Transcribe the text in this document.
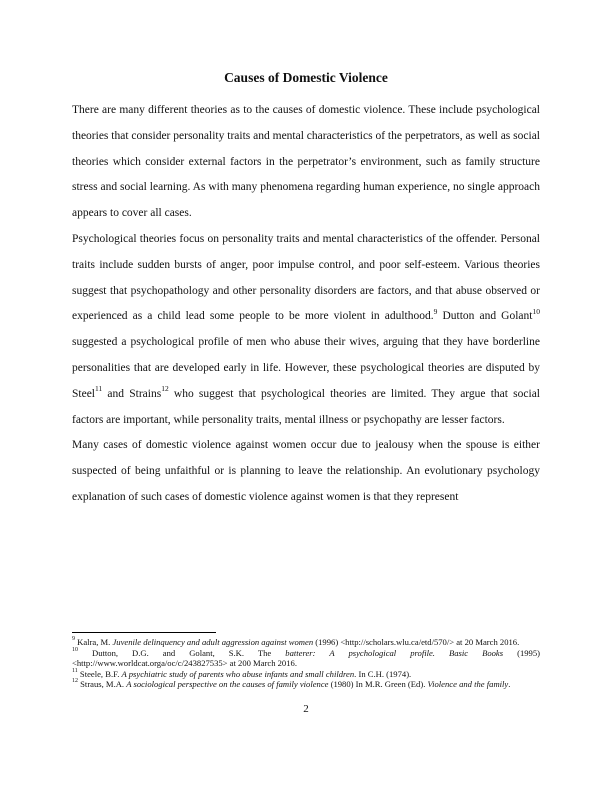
Causes of Domestic Violence

There are many different theories as to the causes of domestic violence. These include psychological theories that consider personality traits and mental characteristics of the perpetrators, as well as social theories which consider external factors in the perpetrator’s environment, such as family structure stress and social learning. As with many phenomena regarding human experience, no single approach appears to cover all cases.

Psychological theories focus on personality traits and mental characteristics of the offender. Personal traits include sudden bursts of anger, poor impulse control, and poor self-esteem. Various theories suggest that psychopathology and other personality disorders are factors, and that abuse observed or experienced as a child lead some people to be more violent in adulthood.$^9$ Dutton and Golant$^{10}$ suggested a psychological profile of men who abuse their wives, arguing that they have borderline personalities that are developed early in life. However, these psychological theories are disputed by Steel$^{11}$ and Strains$^{12}$ who suggest that psychological theories are limited. They argue that social factors are important, while personality traits, mental illness or psychopathy are lesser factors.

Many cases of domestic violence against women occur due to jealousy when the spouse is either suspected of being unfaithful or is planning to leave the relationship. An evolutionary psychology explanation of such cases of domestic violence against women is that they represent

$^9$ Kalra, M. Juvenile delinquency and adult aggression against women (1996) <http://scholars.wlu.ca/etd/570/> at 20 March 2016.

$^{10}$ Dutton, D.G. and Golant, S.K. The batterer: A psychological profile. Basic Books (1995) <http://www.worldcat.orga/oc/c/243827535> at 200 March 2016.

$^{11}$ Steele, B.F. A psychiatric study of parents who abuse infants and small children. In C.H. (1974).

$^{12}$ Straus, M.A. A sociological perspective on the causes of family violence (1980) In M.R. Green (Ed). Violence and the family.

2
